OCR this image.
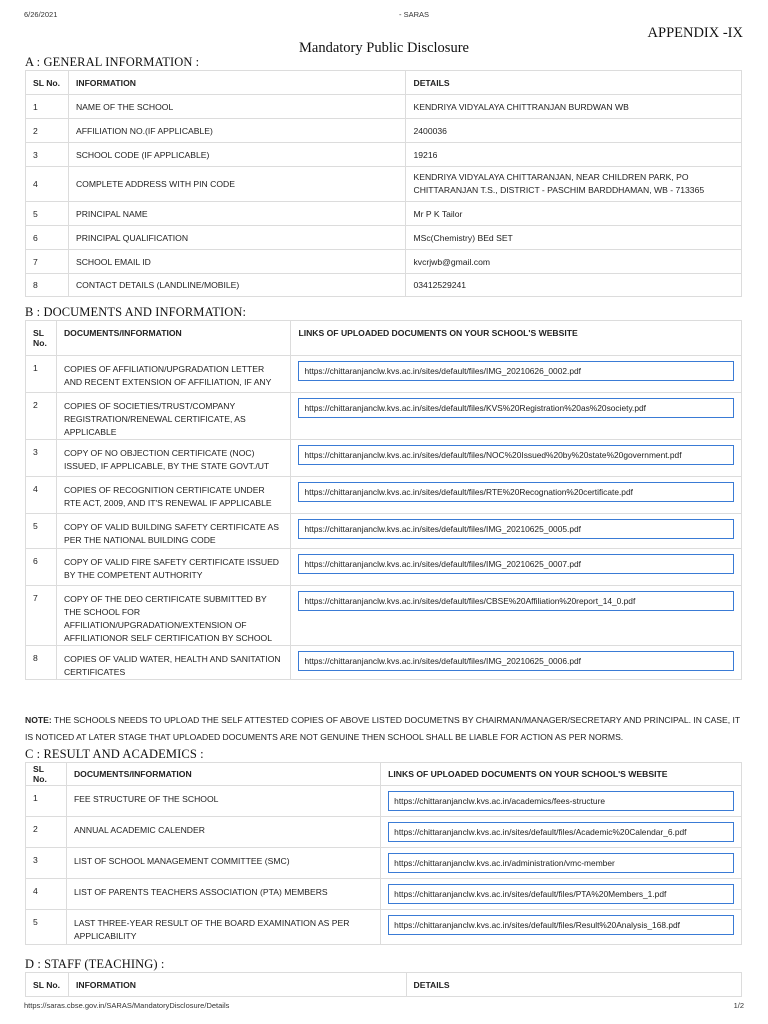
6/26/2021	- SARAS
APPENDIX -IX
Mandatory Public Disclosure
A : GENERAL INFORMATION :
SL No.	INFORMATION	DETAILS
1	NAME OF THE SCHOOL	KENDRIYA VIDYALAYA CHITTRANJAN BURDWAN WB
2	AFFILIATION NO.(IF APPLICABLE)	2400036
3	SCHOOL CODE (IF APPLICABLE)	19216
4	COMPLETE ADDRESS WITH PIN CODE	KENDRIYA VIDYALAYA CHITTARANJAN, NEAR CHILDREN PARK, PO CHITTARANJAN T.S., DISTRICT - PASCHIM BARDDHAMAN, WB - 713365
5	PRINCIPAL NAME	Mr P K Tailor
6	PRINCIPAL QUALIFICATION	MSc(Chemistry) BEd SET
7	SCHOOL EMAIL ID	kvcrjwb@gmail.com
8	CONTACT DETAILS (LANDLINE/MOBILE)	03412529241
B : DOCUMENTS AND INFORMATION:
SL No.	DOCUMENTS/INFORMATION	LINKS OF UPLOADED DOCUMENTS ON YOUR SCHOOL'S WEBSITE
1	COPIES OF AFFILIATION/UPGRADATION LETTER AND RECENT EXTENSION OF AFFILIATION, IF ANY	https://chittaranjanclw.kvs.ac.in/sites/default/files/IMG_20210626_0002.pdf

2	COPIES OF SOCIETIES/TRUST/COMPANY REGISTRATION/RENEWAL CERTIFICATE, AS APPLICABLE	https://chittaranjanclw.kvs.ac.in/sites/default/files/KVS%20Registration%20as%20society.pdf

3	COPY OF NO OBJECTION CERTIFICATE (NOC) ISSUED, IF APPLICABLE, BY THE STATE GOVT./UT	https://chittaranjanclw.kvs.ac.in/sites/default/files/NOC%20Issued%20by%20state%20government.pdf

4	COPIES OF RECOGNITION CERTIFICATE UNDER RTE ACT, 2009, AND IT'S RENEWAL IF APPLICABLE	https://chittaranjanclw.kvs.ac.in/sites/default/files/RTE%20Recognation%20certificate.pdf

5	COPY OF VALID BUILDING SAFETY CERTIFICATE AS PER THE NATIONAL BUILDING CODE	https://chittaranjanclw.kvs.ac.in/sites/default/files/IMG_20210625_0005.pdf

6	COPY OF VALID FIRE SAFETY CERTIFICATE ISSUED BY THE COMPETENT AUTHORITY	https://chittaranjanclw.kvs.ac.in/sites/default/files/IMG_20210625_0007.pdf

7	COPY OF THE DEO CERTIFICATE SUBMITTED BY THE SCHOOL FOR AFFILIATION/UPGRADATION/EXTENSION OF AFFILIATIONOR SELF CERTIFICATION BY SCHOOL	https://chittaranjanclw.kvs.ac.in/sites/default/files/CBSE%20Affiliation%20report_14_0.pdf

8	COPIES OF VALID WATER, HEALTH AND SANITATION CERTIFICATES	https://chittaranjanclw.kvs.ac.in/sites/default/files/IMG_20210625_0006.pdf
NOTE: THE SCHOOLS NEEDS TO UPLOAD THE SELF ATTESTED COPIES OF ABOVE LISTED DOCUMETNS BY CHAIRMAN/MANAGER/SECRETARY AND PRINCIPAL. IN CASE, IT IS NOTICED AT LATER STAGE THAT UPLOADED DOCUMENTS ARE NOT GENUINE THEN SCHOOL SHALL BE LIABLE FOR ACTION AS PER NORMS.
C : RESULT AND ACADEMICS :
SL No.	DOCUMENTS/INFORMATION	LINKS OF UPLOADED DOCUMENTS ON YOUR SCHOOL'S WEBSITE
1	FEE STRUCTURE OF THE SCHOOL	https://chittaranjanclw.kvs.ac.in/academics/fees-structure

2	ANNUAL ACADEMIC CALENDER	https://chittaranjanclw.kvs.ac.in/sites/default/files/Academic%20Calendar_6.pdf

3	LIST OF SCHOOL MANAGEMENT COMMITTEE (SMC)	https://chittaranjanclw.kvs.ac.in/administration/vmc-member

4	LIST OF PARENTS TEACHERS ASSOCIATION (PTA) MEMBERS	https://chittaranjanclw.kvs.ac.in/sites/default/files/PTA%20Members_1.pdf

5	LAST THREE-YEAR RESULT OF THE BOARD EXAMINATION AS PER APPLICABILITY	https://chittaranjanclw.kvs.ac.in/sites/default/files/Result%20Analysis_168.pdf
D : STAFF (TEACHING) :
SL No.	INFORMATION	DETAILS
https://saras.cbse.gov.in/SARAS/MandatoryDisclosure/Details	1/2
